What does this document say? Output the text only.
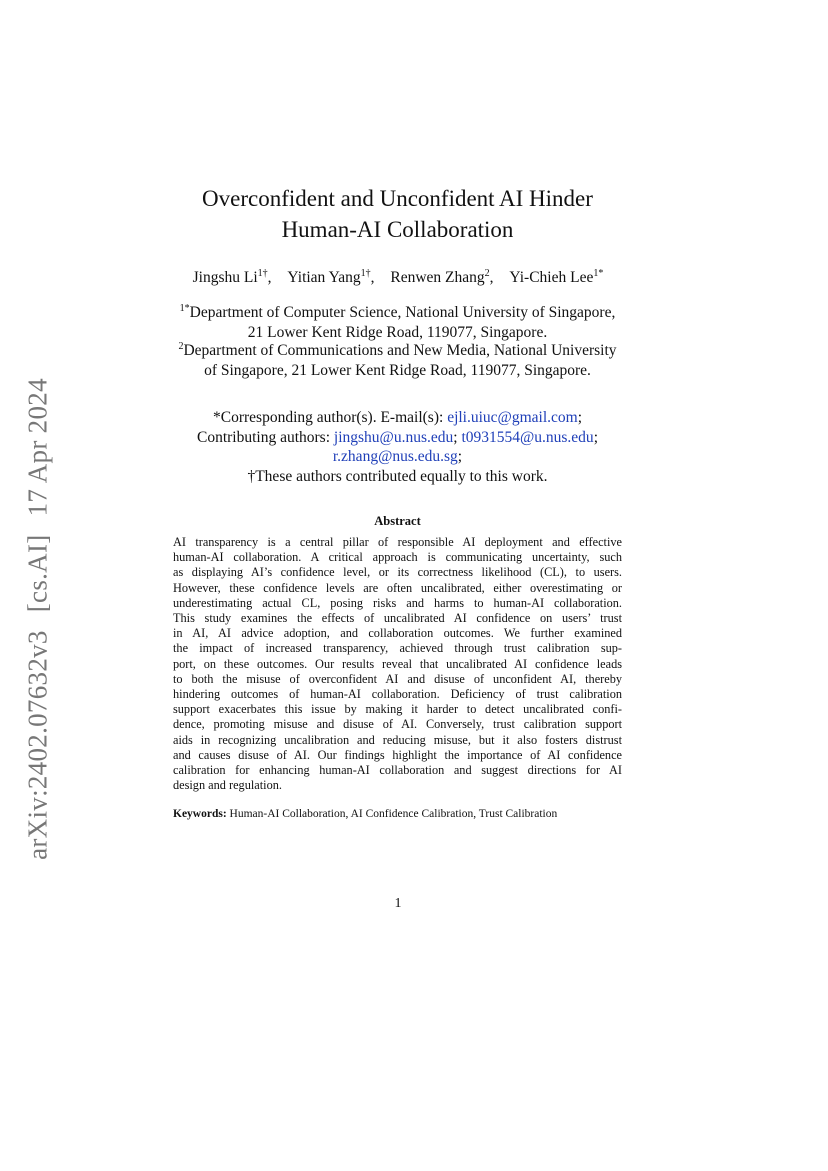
arXiv:2402.07632v3[cs.AI]17 Apr 2024
Overconfident and Unconfident AI Hinder
Human-AI Collaboration
Jingshu $Li^{1\dagger}$, Yitian Yang$^{1\dagger}$, Renwen Zhang$^2$, Yi-Chieh Lee$^{1*}$
$^{1*}$Department of Computer Science, National University of Singapore,
21 Lower Kent Ridge Road, 119077, Singapore.
$^2$Department of Communications and New Media, National University
of Singapore, 21 Lower Kent Ridge Road, 119077, Singapore.
*Corresponding author(s). E-mail(s): ejli.uiuc@gmail.com;
Contributing authors: jingshu@u.nus.edu; t0931554@u.nus.edu;
r.zhang@nus.edu.sg;
†These authors contributed equally to this work.
Abstract
AI transparency is a central pillar of responsible AI deployment and effective
human-AI collaboration. A critical approach is communicating uncertainty, such
as displaying AI’s confidence level, or its correctness likelihood (CL), to users.
However, these confidence levels are often uncalibrated, either overestimating or
underestimating actual CL, posing risks and harms to human-AI collaboration.
This study examines the effects of uncalibrated AI confidence on users’ trust
in AI, AI advice adoption, and collaboration outcomes. We further examined
the impact of increased transparency, achieved through trust calibration sup-
port, on these outcomes. Our results reveal that uncalibrated AI confidence leads
to both the misuse of overconfident AI and disuse of unconfident AI, thereby
hindering outcomes of human-AI collaboration. Deficiency of trust calibration
support exacerbates this issue by making it harder to detect uncalibrated confi-
dence, promoting misuse and disuse of AI. Conversely, trust calibration support
aids in recognizing uncalibration and reducing misuse, but it also fosters distrust
and causes disuse of AI. Our findings highlight the importance of AI confidence
calibration for enhancing human-AI collaboration and suggest directions for AI
design and regulation.
Keywords: Human-AI Collaboration, AI Confidence Calibration, Trust Calibration
1
